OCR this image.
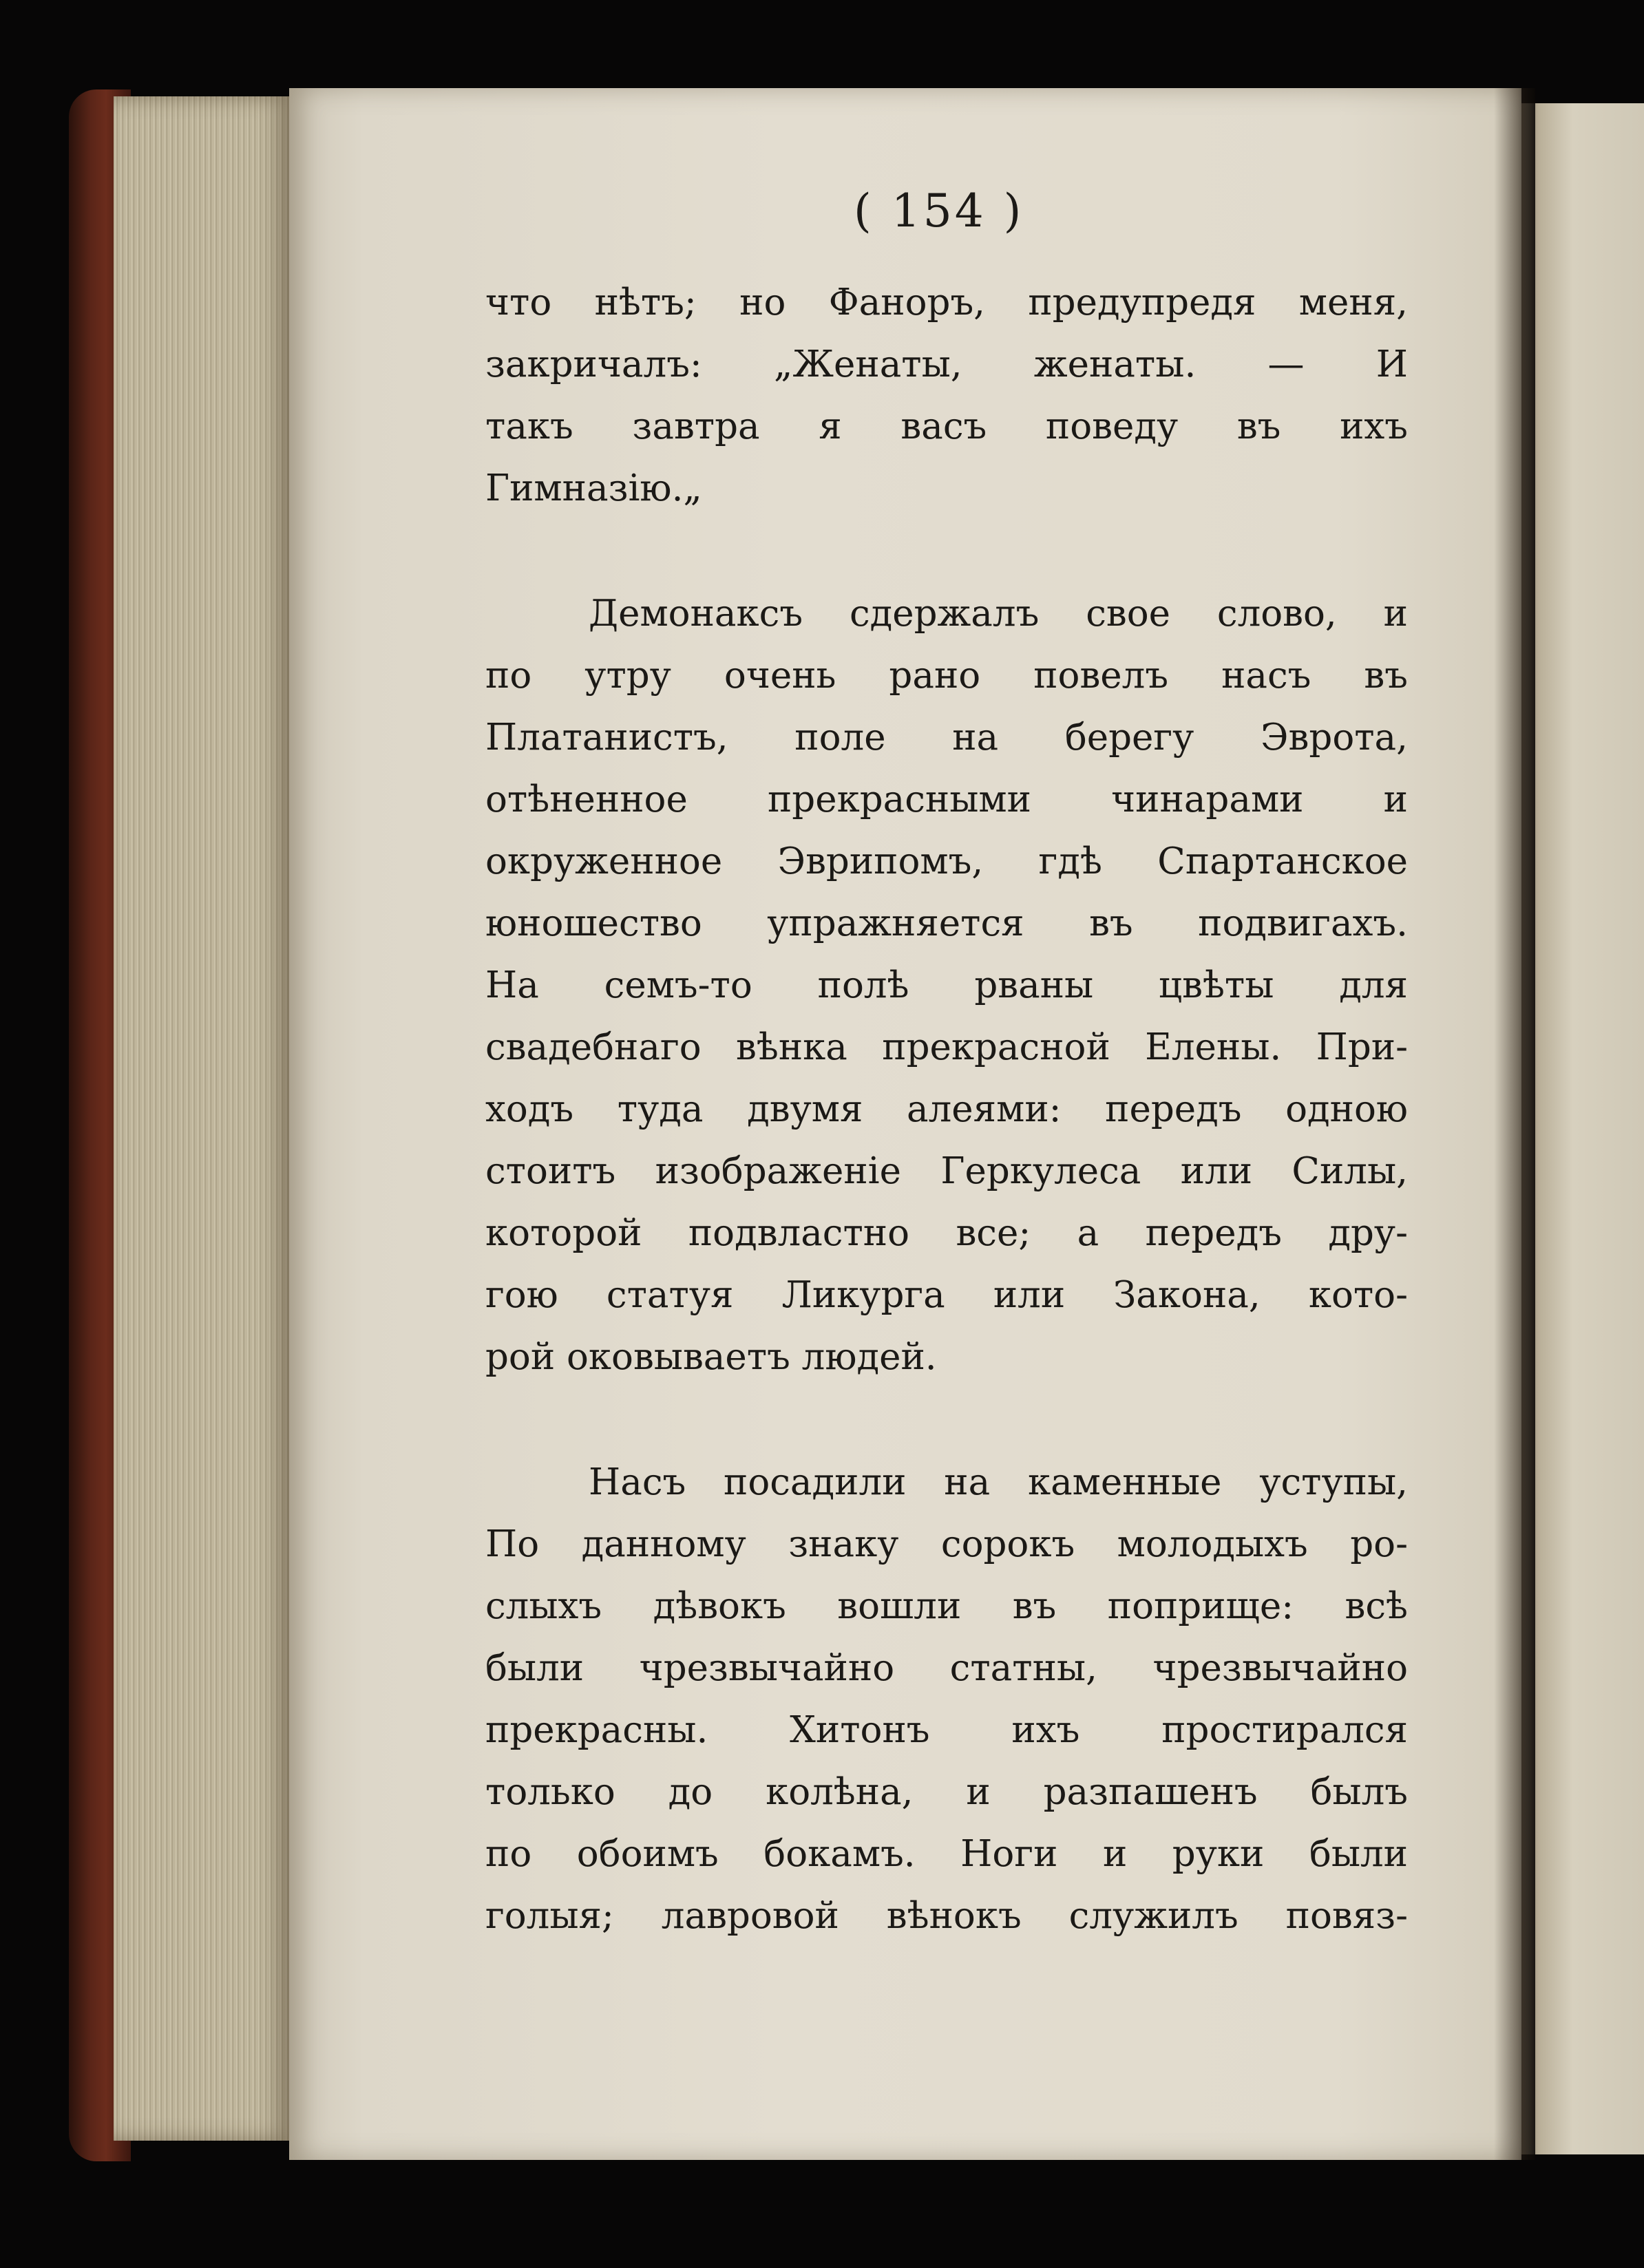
( 154 )
что нѣтъ; но Фаноръ, предупредя меня,
закричалъ: „Женаты, женаты. — И
такъ завтра я васъ поведу въ ихъ
Гимназію.„
Демонаксъ сдержалъ свое слово, и
по утру очень рано повелъ насъ въ
Платанистъ, поле на берегу Эврота,
отѣненное прекрасными чинарами и
окруженное Эврипомъ, гдѣ Спартанское
юношество упражняется въ подвигахъ.
На семъ-то полѣ рваны цвѣты для
свадебнаго вѣнка прекрасной Елены. При-
ходъ туда двумя алеями: передъ одною
стоитъ изображеніе Геркулеса или Силы,
которой подвластно все; а передъ дру-
гою статуя Ликурга или Закона, кото-
рой оковываетъ людей.
Насъ посадили на каменные уступы,
По данному знаку сорокъ молодыхъ ро-
слыхъ дѣвокъ вошли въ поприще: всѣ
были чрезвычайно статны, чрезвычайно
прекрасны. Хитонъ ихъ простирался
только до колѣна, и разпашенъ былъ
по обоимъ бокамъ. Ноги и руки были
голыя; лавровой вѣнокъ служилъ повяз-
